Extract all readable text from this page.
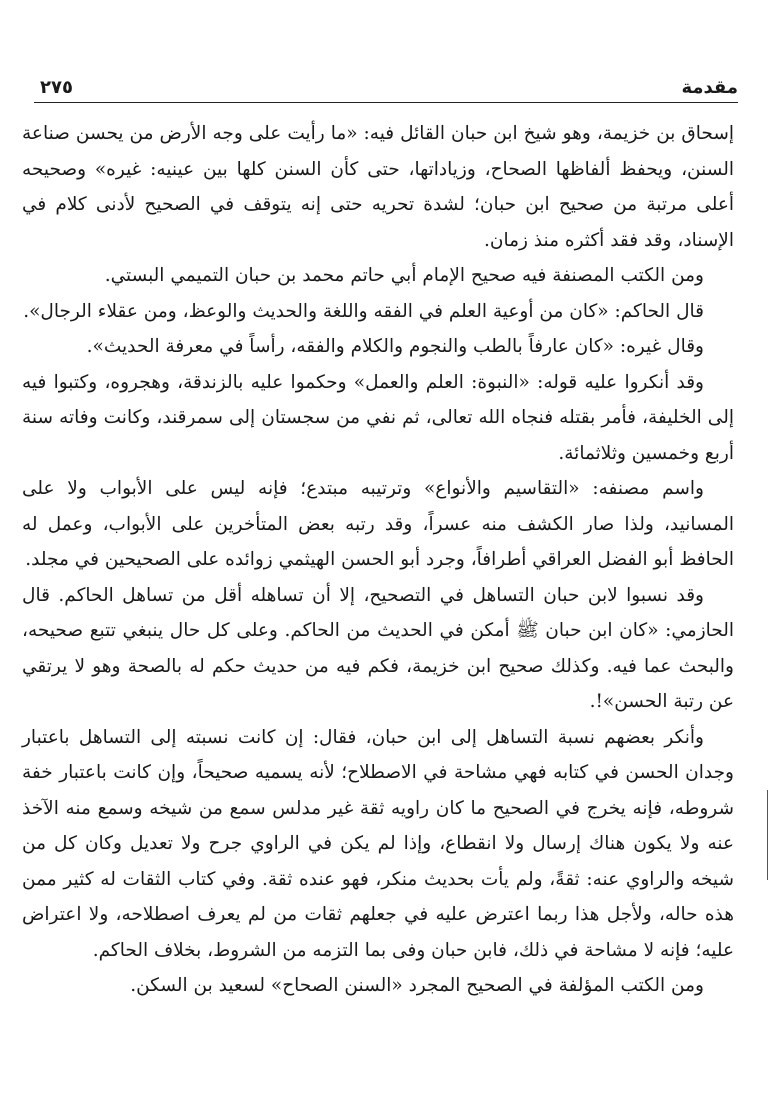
مقدمة
٢٧٥

إسحاق بن خزيمة، وهو شيخ ابن حبان القائل فيه: «ما رأيت على وجه الأرض من يحسن صناعة السنن، ويحفظ ألفاظها الصحاح، وزياداتها، حتى كأن السنن كلها بين عينيه: غيره» وصحيحه أعلى مرتبة من صحيح ابن حبان؛ لشدة تحريه حتى إنه يتوقف في الصحيح لأدنى كلام في الإسناد، وقد فقد أكثره منذ زمان.

ومن الكتب المصنفة فيه صحيح الإمام أبي حاتم محمد بن حبان التميمي البستي.

قال الحاكم: «كان من أوعية العلم في الفقه واللغة والحديث والوعظ، ومن عقلاء الرجال».

وقال غيره: «كان عارفاً بالطب والنجوم والكلام والفقه، رأساً في معرفة الحديث».

وقد أنكروا عليه قوله: «النبوة: العلم والعمل» وحكموا عليه بالزندقة، وهجروه، وكتبوا فيه إلى الخليفة، فأمر بقتله فنجاه الله تعالى، ثم نفي من سجستان إلى سمرقند، وكانت وفاته سنة أربع وخمسين وثلاثمائة.

واسم مصنفه: «التقاسيم والأنواع» وترتيبه مبتدع؛ فإنه ليس على الأبواب ولا على المسانيد، ولذا صار الكشف منه عسراً، وقد رتبه بعض المتأخرين على الأبواب، وعمل له الحافظ أبو الفضل العراقي أطرافاً، وجرد أبو الحسن الهيثمي زوائده على الصحيحين في مجلد.

وقد نسبوا لابن حبان التساهل في التصحيح، إلا أن تساهله أقل من تساهل الحاكم. قال الحازمي: «كان ابن حبان ﷺ أمكن في الحديث من الحاكم. وعلى كل حال ينبغي تتبع صحيحه، والبحث عما فيه. وكذلك صحيح ابن خزيمة، فكم فيه من حديث حكم له بالصحة وهو لا يرتقي عن رتبة الحسن»!.

وأنكر بعضهم نسبة التساهل إلى ابن حبان، فقال: إن كانت نسبته إلى التساهل باعتبار وجدان الحسن في كتابه فهي مشاحة في الاصطلاح؛ لأنه يسميه صحيحاً، وإن كانت باعتبار خفة شروطه، فإنه يخرج في الصحيح ما كان راويه ثقة غير مدلس سمع من شيخه وسمع منه الآخذ عنه ولا يكون هناك إرسال ولا انقطاع، وإذا لم يكن في الراوي جرح ولا تعديل وكان كل من شيخه والراوي عنه: ثقةً، ولم يأت بحديث منكر، فهو عنده ثقة. وفي كتاب الثقات له كثير ممن هذه حاله، ولأجل هذا ربما اعترض عليه في جعلهم ثقات من لم يعرف اصطلاحه، ولا اعتراض عليه؛ فإنه لا مشاحة في ذلك، فابن حبان وفى بما التزمه من الشروط، بخلاف الحاكم.

ومن الكتب المؤلفة في الصحيح المجرد «السنن الصحاح» لسعيد بن السكن.
